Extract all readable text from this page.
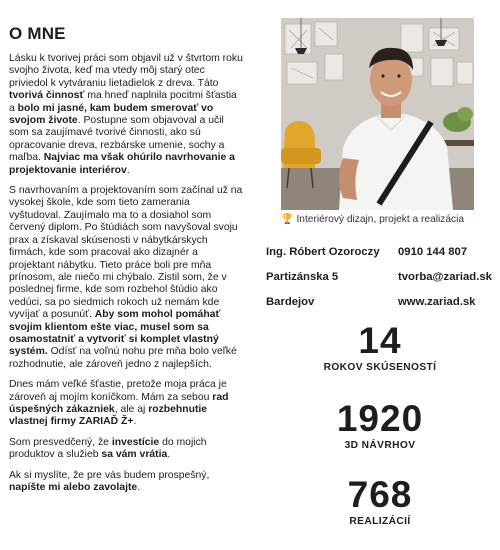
O MNE
Lásku k tvorivej práci som objavil už v štvrtom roku svojho života, keď ma vtedy môj starý otec priviedol k vytváraniu lietadielok z dreva. Táto tvorivá činnosť ma hneď naplnila pocitmi šťastia a bolo mi jasné, kam budem smerovať vo svojom živote. Postupne som objavoval a učil som sa zaujímavé tvorivé činnosti, ako sú opracovanie dreva, rezbárske umenie, sochy a maľba. Najviac ma však ohúrilo navrhovanie a projektovanie interiérov.
S navrhovaním a projektovaním som začínal už na vysokej škole, kde som tieto zamerania vyštudoval. Zaujímalo ma to a dosiahol som červený diplom. Po štúdiách som navyšoval svoju prax a získaval skúsenosti v nábytkárskych firmách, kde som pracoval ako dizajnér a projektant nábytku. Tieto práce boli pre mňa prínosom, ale niečo mi chýbalo. Zistil som, že v poslednej firme, kde som rozbehol štúdio ako vedúci, sa po siedmich rokoch už nemám kde vyvíjať a posunúť. Aby som mohol pomáhať svojim klientom ešte viac, musel som sa osamostatniť a vytvoriť si komplet vlastný systém. Odísť na voľnú nohu pre mňa bolo veľké rozhodnutie, ale zároveň jedno z najlepších.
Dnes mám veľké šťastie, pretože moja práca je zároveň aj mojím koníčkom. Mám za sebou rad úspešných zákazniek, ale aj rozbehnutie vlastnej firmy ZARIAĎ Ž+.
Som presvedčený, že investície do mojich produktov a služieb sa vám vrátia.
Ak si myslíte, že pre vás budem prospešný, napíšte mi alebo zavolajte.
🏆 Interiérový dizajn, projekt a realizácia
Ing. Róbert Ozoroczy 0910 144 807
Partizánska 5	tvorba@zariad.sk
Bardejov	www.zariad.sk
14
ROKOV SKÚSENOSTÍ
1920
3D NÁVRHOV
768
REALIZÁCIÍ
